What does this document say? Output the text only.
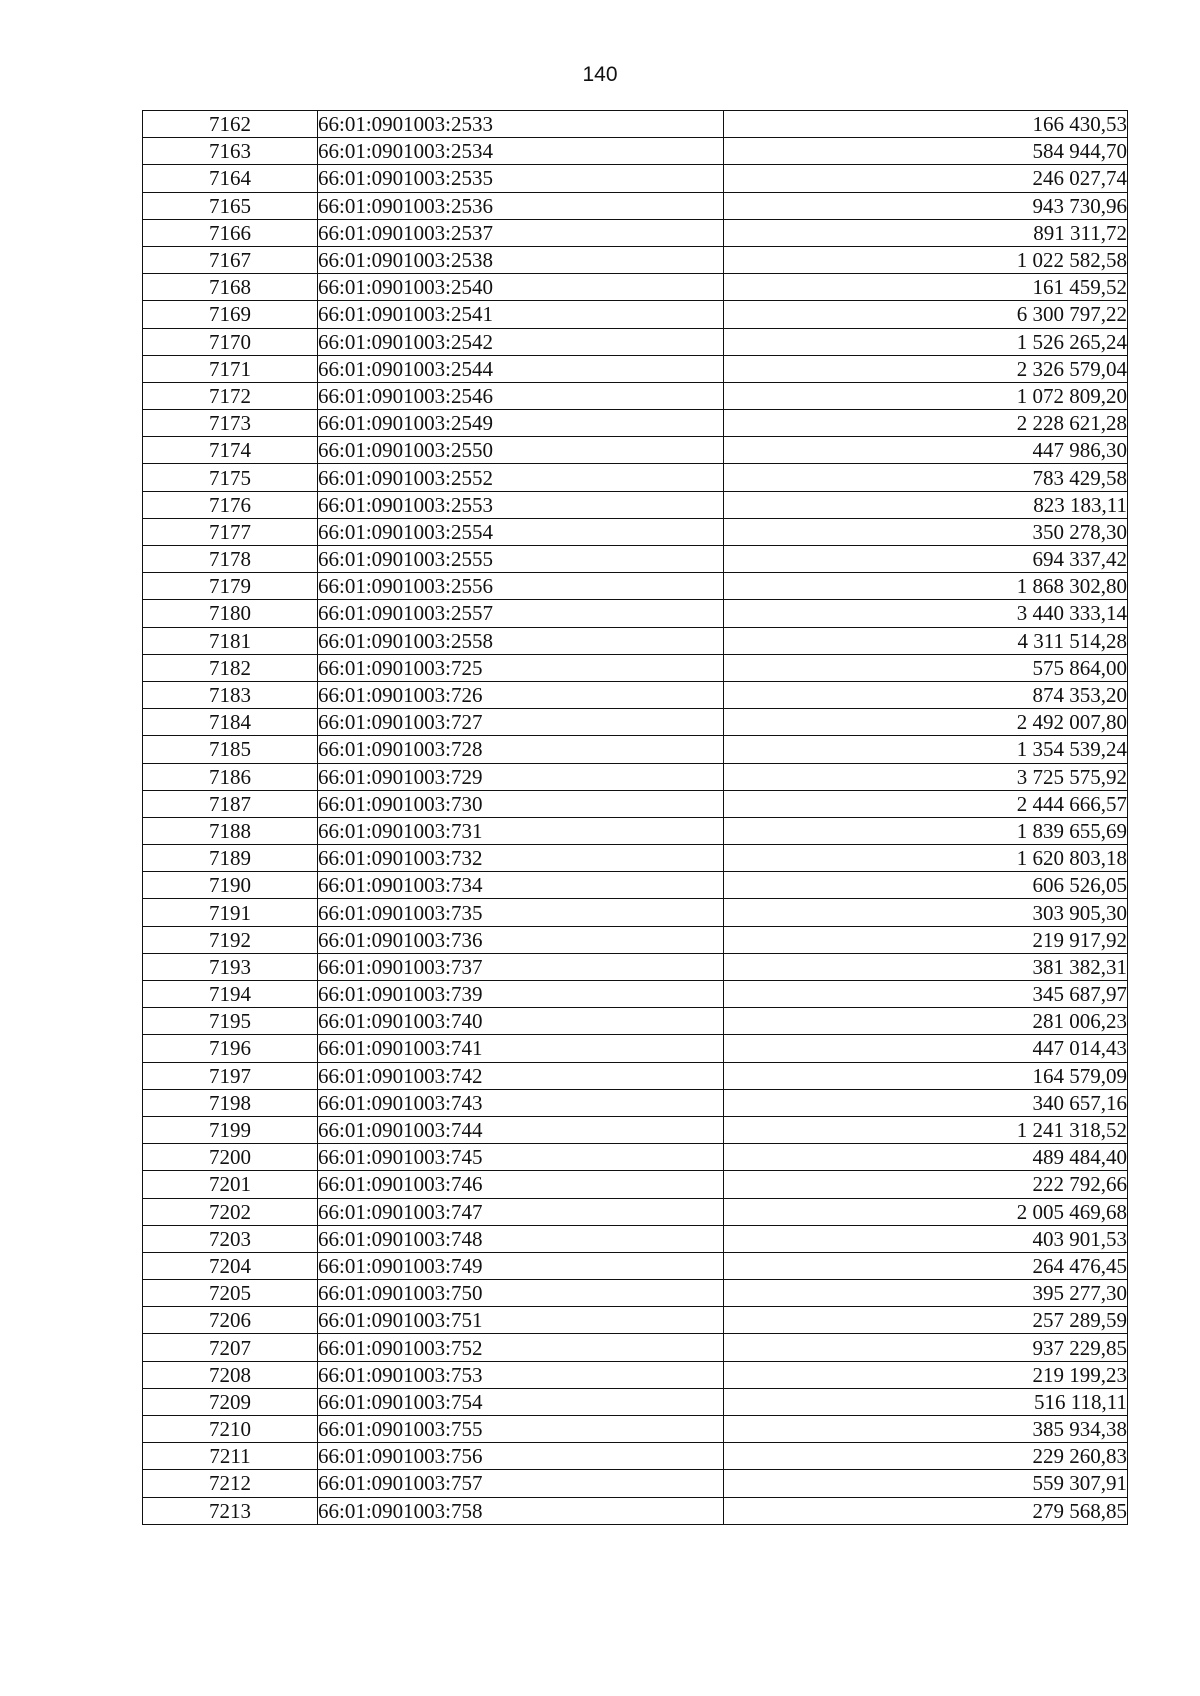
140
7162	66:01:0901003:2533	166 430,53
7163	66:01:0901003:2534	584 944,70
7164	66:01:0901003:2535	246 027,74
7165	66:01:0901003:2536	943 730,96
7166	66:01:0901003:2537	891 311,72
7167	66:01:0901003:2538	1 022 582,58
7168	66:01:0901003:2540	161 459,52
7169	66:01:0901003:2541	6 300 797,22
7170	66:01:0901003:2542	1 526 265,24
7171	66:01:0901003:2544	2 326 579,04
7172	66:01:0901003:2546	1 072 809,20
7173	66:01:0901003:2549	2 228 621,28
7174	66:01:0901003:2550	447 986,30
7175	66:01:0901003:2552	783 429,58
7176	66:01:0901003:2553	823 183,11
7177	66:01:0901003:2554	350 278,30
7178	66:01:0901003:2555	694 337,42
7179	66:01:0901003:2556	1 868 302,80
7180	66:01:0901003:2557	3 440 333,14
7181	66:01:0901003:2558	4 311 514,28
7182	66:01:0901003:725	575 864,00
7183	66:01:0901003:726	874 353,20
7184	66:01:0901003:727	2 492 007,80
7185	66:01:0901003:728	1 354 539,24
7186	66:01:0901003:729	3 725 575,92
7187	66:01:0901003:730	2 444 666,57
7188	66:01:0901003:731	1 839 655,69
7189	66:01:0901003:732	1 620 803,18
7190	66:01:0901003:734	606 526,05
7191	66:01:0901003:735	303 905,30
7192	66:01:0901003:736	219 917,92
7193	66:01:0901003:737	381 382,31
7194	66:01:0901003:739	345 687,97
7195	66:01:0901003:740	281 006,23
7196	66:01:0901003:741	447 014,43
7197	66:01:0901003:742	164 579,09
7198	66:01:0901003:743	340 657,16
7199	66:01:0901003:744	1 241 318,52
7200	66:01:0901003:745	489 484,40
7201	66:01:0901003:746	222 792,66
7202	66:01:0901003:747	2 005 469,68
7203	66:01:0901003:748	403 901,53
7204	66:01:0901003:749	264 476,45
7205	66:01:0901003:750	395 277,30
7206	66:01:0901003:751	257 289,59
7207	66:01:0901003:752	937 229,85
7208	66:01:0901003:753	219 199,23
7209	66:01:0901003:754	516 118,11
7210	66:01:0901003:755	385 934,38
7211	66:01:0901003:756	229 260,83
7212	66:01:0901003:757	559 307,91
7213	66:01:0901003:758	279 568,85
